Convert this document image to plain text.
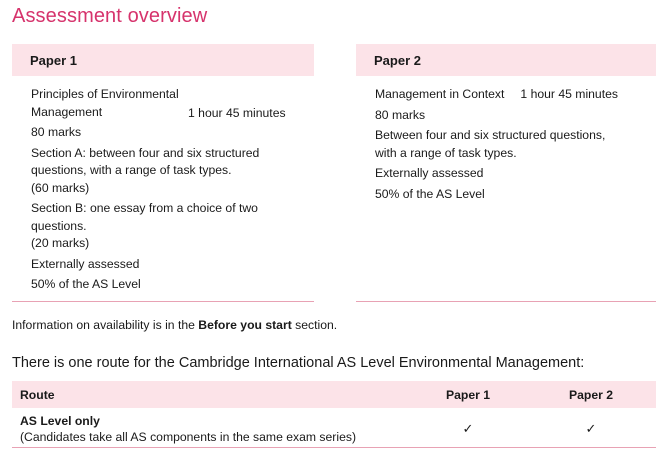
Assessment overview
Paper 1

Principles of Environmental
Management	1 hour 45 minutes

80 marks

Section A: between four and six structured
questions, with a range of task types.
(60 marks)

Section B: one essay from a choice of two
questions.
(20 marks)

Externally assessed

50% of the AS Level

Paper 2

Management in Context 1 hour 45 minutes

80 marks

Between four and six structured questions,
with a range of task types.

Externally assessed

50% of the AS Level

Information on availability is in the Before you start section.
There is one route for the Cambridge International AS Level Environmental Management:
Route	Paper 1	Paper 2

AS Level only
(Candidates take all AS components in the same exam series)	✓	✓
